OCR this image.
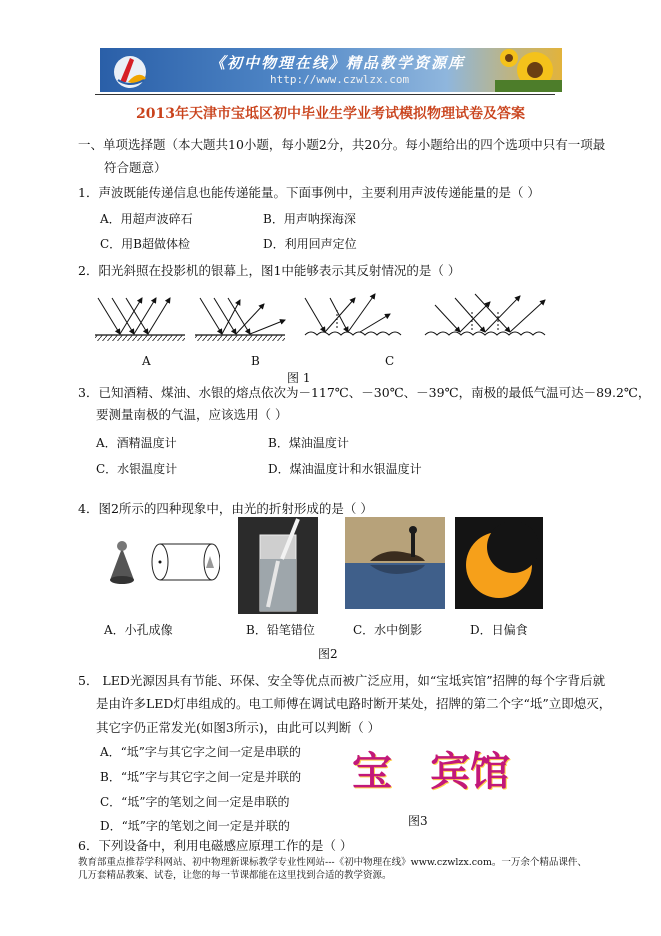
《初中物理在线》精品教学资源库
http://www.czwlzx.com
2013年天津市宝坻区初中毕业生学业考试模拟物理试卷及答案
一、单项选择题（本大题共10小题，每小题2分，共20分。每小题给出的四个选项中只有一项最
符合题意）
1．声波既能传递信息也能传递能量。下面事例中，主要利用声波传递能量的是（ ）
A．用超声波碎石	B．用声呐探海深
C．用B超做体检	D．利用回声定位
2．阳光斜照在投影机的银幕上，图1中能够表示其反射情况的是（ ）
A	B	C
图 1
3．已知酒精、煤油、水银的熔点依次为－117℃、－30℃、－39℃，南极的最低气温可达－89.2℃，
要测量南极的气温，应该选用（ ）
A．酒精温度计	B．煤油温度计
C．水银温度计	D．煤油温度计和水银温度计
4．图2所示的四种现象中，由光的折射形成的是（ ）
A．小孔成像	B．铅笔错位	C．水中倒影	D．日偏食
图2
5． LED光源因具有节能、环保、安全等优点而被广泛应用，如“宝坻宾馆”招牌的每个字背后就
是由许多LED灯串组成的。电工师傅在调试电路时断开某处，招牌的第二个字“坻”立即熄灭，
其它字仍正常发光(如图3所示)，由此可以判断（ ）
A．“坻”字与其它字之间一定是串联的
B．“坻”字与其它字之间一定是并联的
C．“坻”字的笔划之间一定是串联的
D．“坻”字的笔划之间一定是并联的
宝 宾 馆
图3
6．下列设备中，利用电磁感应原理工作的是（ ）
教育部重点推荐学科网站、初中物理新课标教学专业性网站---《初中物理在线》www.czwlzx.com。一万余个精品课件、
几万套精品教案、试卷，让您的每一节课都能在这里找到合适的教学资源。
